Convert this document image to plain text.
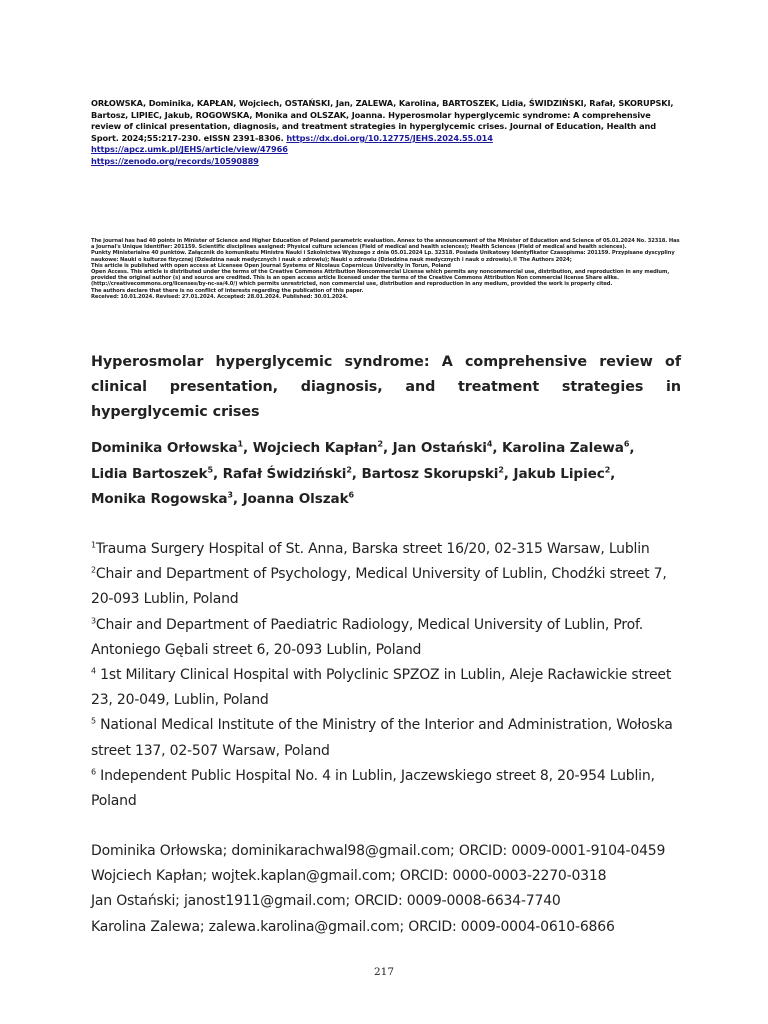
ORŁOWSKA, Dominika, KAPŁAN, Wojciech, OSTAŃSKI, Jan, ZALEWA, Karolina, BARTOSZEK, Lidia, ŚWIDZIŃSKI, Rafał, SKORUPSKI, Bartosz, LIPIEC, Jakub, ROGOWSKA, Monika and OLSZAK, Joanna. Hyperosmolar hyperglycemic syndrome: A comprehensive review of clinical presentation, diagnosis, and treatment strategies in hyperglycemic crises. Journal of Education, Health and Sport. 2024;55:217-230. eISSN 2391-8306. https://dx.doi.org/10.12775/JEHS.2024.55.014
https://apcz.umk.pl/JEHS/article/view/47966
https://zenodo.org/records/10590889

The journal has had 40 points in Minister of Science and Higher Education of Poland parametric evaluation. Annex to the announcement of the Minister of Education and Science of 05.01.2024 No. 32318. Has a Journal's Unique Identifier: 201159. Scientific disciplines assigned: Physical culture sciences (Field of medical and health sciences); Health Sciences (Field of medical and health sciences).

Punkty Ministerialne 40 punktów. Załącznik do komunikatu Ministra Nauki i Szkolnictwa Wyższego z dnia 05.01.2024 Lp. 32318. Posiada Unikatowy Identyfikator Czasopisma: 201159. Przypisane dyscypliny naukowe: Nauki o kulturze fizycznej (Dziedzina nauk medycznych i nauk o zdrowiu); Nauki o zdrowiu (Dziedzina nauk medycznych i nauk o zdrowiu).© The Authors 2024;

This article is published with open access at Licensee Open Journal Systems of Nicolaus Copernicus University in Torun, Poland

Open Access. This article is distributed under the terms of the Creative Commons Attribution Noncommercial License which permits any noncommercial use, distribution, and reproduction in any medium, provided the original author (s) and source are credited. This is an open access article licensed under the terms of the Creative Commons Attribution Non commercial license Share alike.

(http://creativecommons.org/licenses/by-nc-sa/4.0/) which permits unrestricted, non commercial use, distribution and reproduction in any medium, provided the work is properly cited.

The authors declare that there is no conflict of interests regarding the publication of this paper.

Received: 10.01.2024. Revised: 27.01.2024. Accepted: 28.01.2024. Published: 30.01.2024.

Hyperosmolar hyperglycemic syndrome: A comprehensive review of clinical presentation, diagnosis, and treatment strategies in hyperglycemic crises

Dominika Orłowska$^1$, Wojciech Kapłan$^2$, Jan Ostański$^4$, Karolina Zalewa$^6$,
Lidia Bartoszek$^5$, Rafał Świdziński$^2$, Bartosz Skorupski$^2$, Jakub Lipiec$^2$,
Monika Rogowska$^3$, Joanna Olszak$^6$

$^1$Trauma Surgery Hospital of St. Anna, Barska street 16/20, 02-315 Warsaw, Lublin

$^2$Chair and Department of Psychology, Medical University of Lublin, Chodźki street 7, 20-093 Lublin, Poland

$^3$Chair and Department of Paediatric Radiology, Medical University of Lublin, Prof. Antoniego Gębali street 6, 20-093 Lublin, Poland

$^4$ 1st Military Clinical Hospital with Polyclinic SPZOZ in Lublin, Aleje Racławickie street 23, 20-049, Lublin, Poland

$^5$ National Medical Institute of the Ministry of the Interior and Administration, Wołoska street 137, 02-507 Warsaw, Poland

$^6$ Independent Public Hospital No. 4 in Lublin, Jaczewskiego street 8, 20-954 Lublin, Poland

Dominika Orłowska; dominikarachwal98@gmail.com; ORCID: 0009-0001-9104-0459
Wojciech Kapłan; wojtek.kaplan@gmail.com; ORCID: 0000-0003-2270-0318
Jan Ostański; janost1911@gmail.com; ORCID: 0009-0008-6634-7740
Karolina Zalewa; zalewa.karolina@gmail.com; ORCID: 0009-0004-0610-6866
217
